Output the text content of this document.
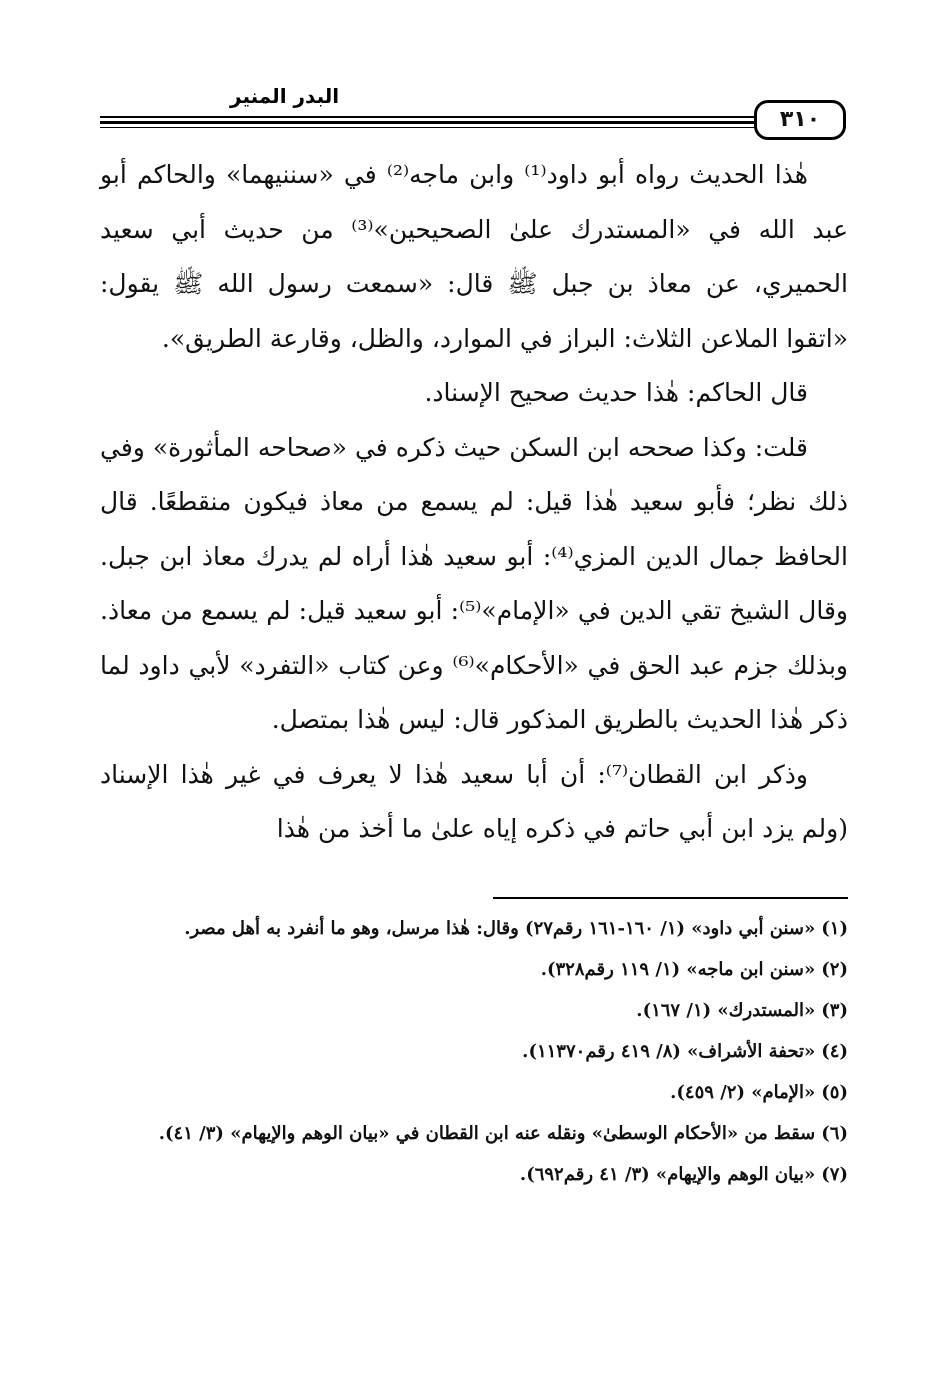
البدر المنير
٣١٠

هٰذا الحديث رواه أبو داود⁽¹⁾ وابن ماجه⁽²⁾ في «سننيهما» والحاكم أبو عبد الله في «المستدرك علىٰ الصحيحين»⁽³⁾ من حديث أبي سعيد الحميري، عن معاذ بن جبل ﷺ قال: «سمعت رسول الله ﷺ يقول: «اتقوا الملاعن الثلاث: البراز في الموارد، والظل، وقارعة الطريق».

قال الحاكم: هٰذا حديث صحيح الإسناد.

قلت: وكذا صححه ابن السكن حيث ذكره في «صحاحه المأثورة» وفي ذلك نظر؛ فأبو سعيد هٰذا قيل: لم يسمع من معاذ فيكون منقطعًا. قال الحافظ جمال الدين المزي⁽⁴⁾: أبو سعيد هٰذا أراه لم يدرك معاذ ابن جبل. وقال الشيخ تقي الدين في «الإمام»⁽⁵⁾: أبو سعيد قيل: لم يسمع من معاذ. وبذلك جزم عبد الحق في «الأحكام»⁽⁶⁾ وعن كتاب «التفرد» لأبي داود لما ذكر هٰذا الحديث بالطريق المذكور قال: ليس هٰذا بمتصل.

وذكر ابن القطان⁽⁷⁾: أن أبا سعيد هٰذا لا يعرف في غير هٰذا الإسناد (ولم يزد ابن أبي حاتم في ذكره إياه علىٰ ما أخذ من هٰذا

(١)«سنن أبي داود» (١/ ١٦٠-١٦١ رقم٢٧) وقال: هٰذا مرسل، وهو ما أنفرد به أهل مصر.

(٢)«سنن ابن ماجه» (١/ ١١٩ رقم٣٢٨).

(٣)«المستدرك» (١/ ١٦٧).

(٤)«تحفة الأشراف» (٨/ ٤١٩ رقم١١٣٧٠).

(٥)«الإمام» (٢/ ٤٥٩).

(٦)سقط من «الأحكام الوسطىٰ» ونقله عنه ابن القطان في «بيان الوهم والإيهام» (٣/ ٤١).

(٧)«بيان الوهم والإيهام» (٣/ ٤١ رقم٦٩٢).
